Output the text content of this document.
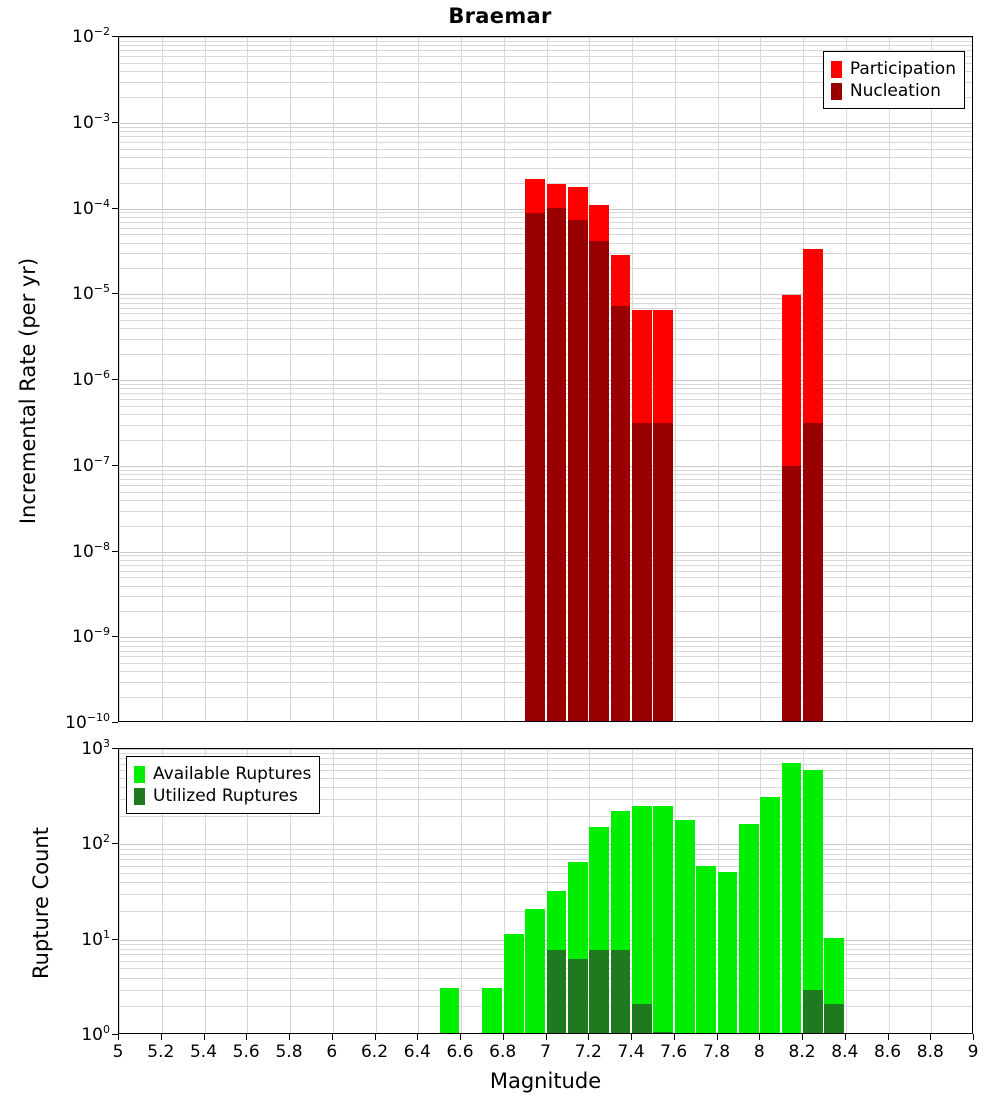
Braemar
Participation
Nucleation
Available Ruptures
Utilized Ruptures
$10^{-10}$
$10^{-9}$
$10^{-8}$
$10^{-7}$
$10^{-6}$
$10^{-5}$
$10^{-4}$
$10^{-3}$
$10^{-2}$
$10^0$
$10^1$
$10^2$
$10^3$
5 5.2 5.4 5.6 5.8 6 6.2 6.4 6.6 6.8 7 7.2 7.4 7.6 7.8 8 8.2 8.4 8.6 8.8 9
Incremental Rate (per yr)
Rupture Count
Magnitude
